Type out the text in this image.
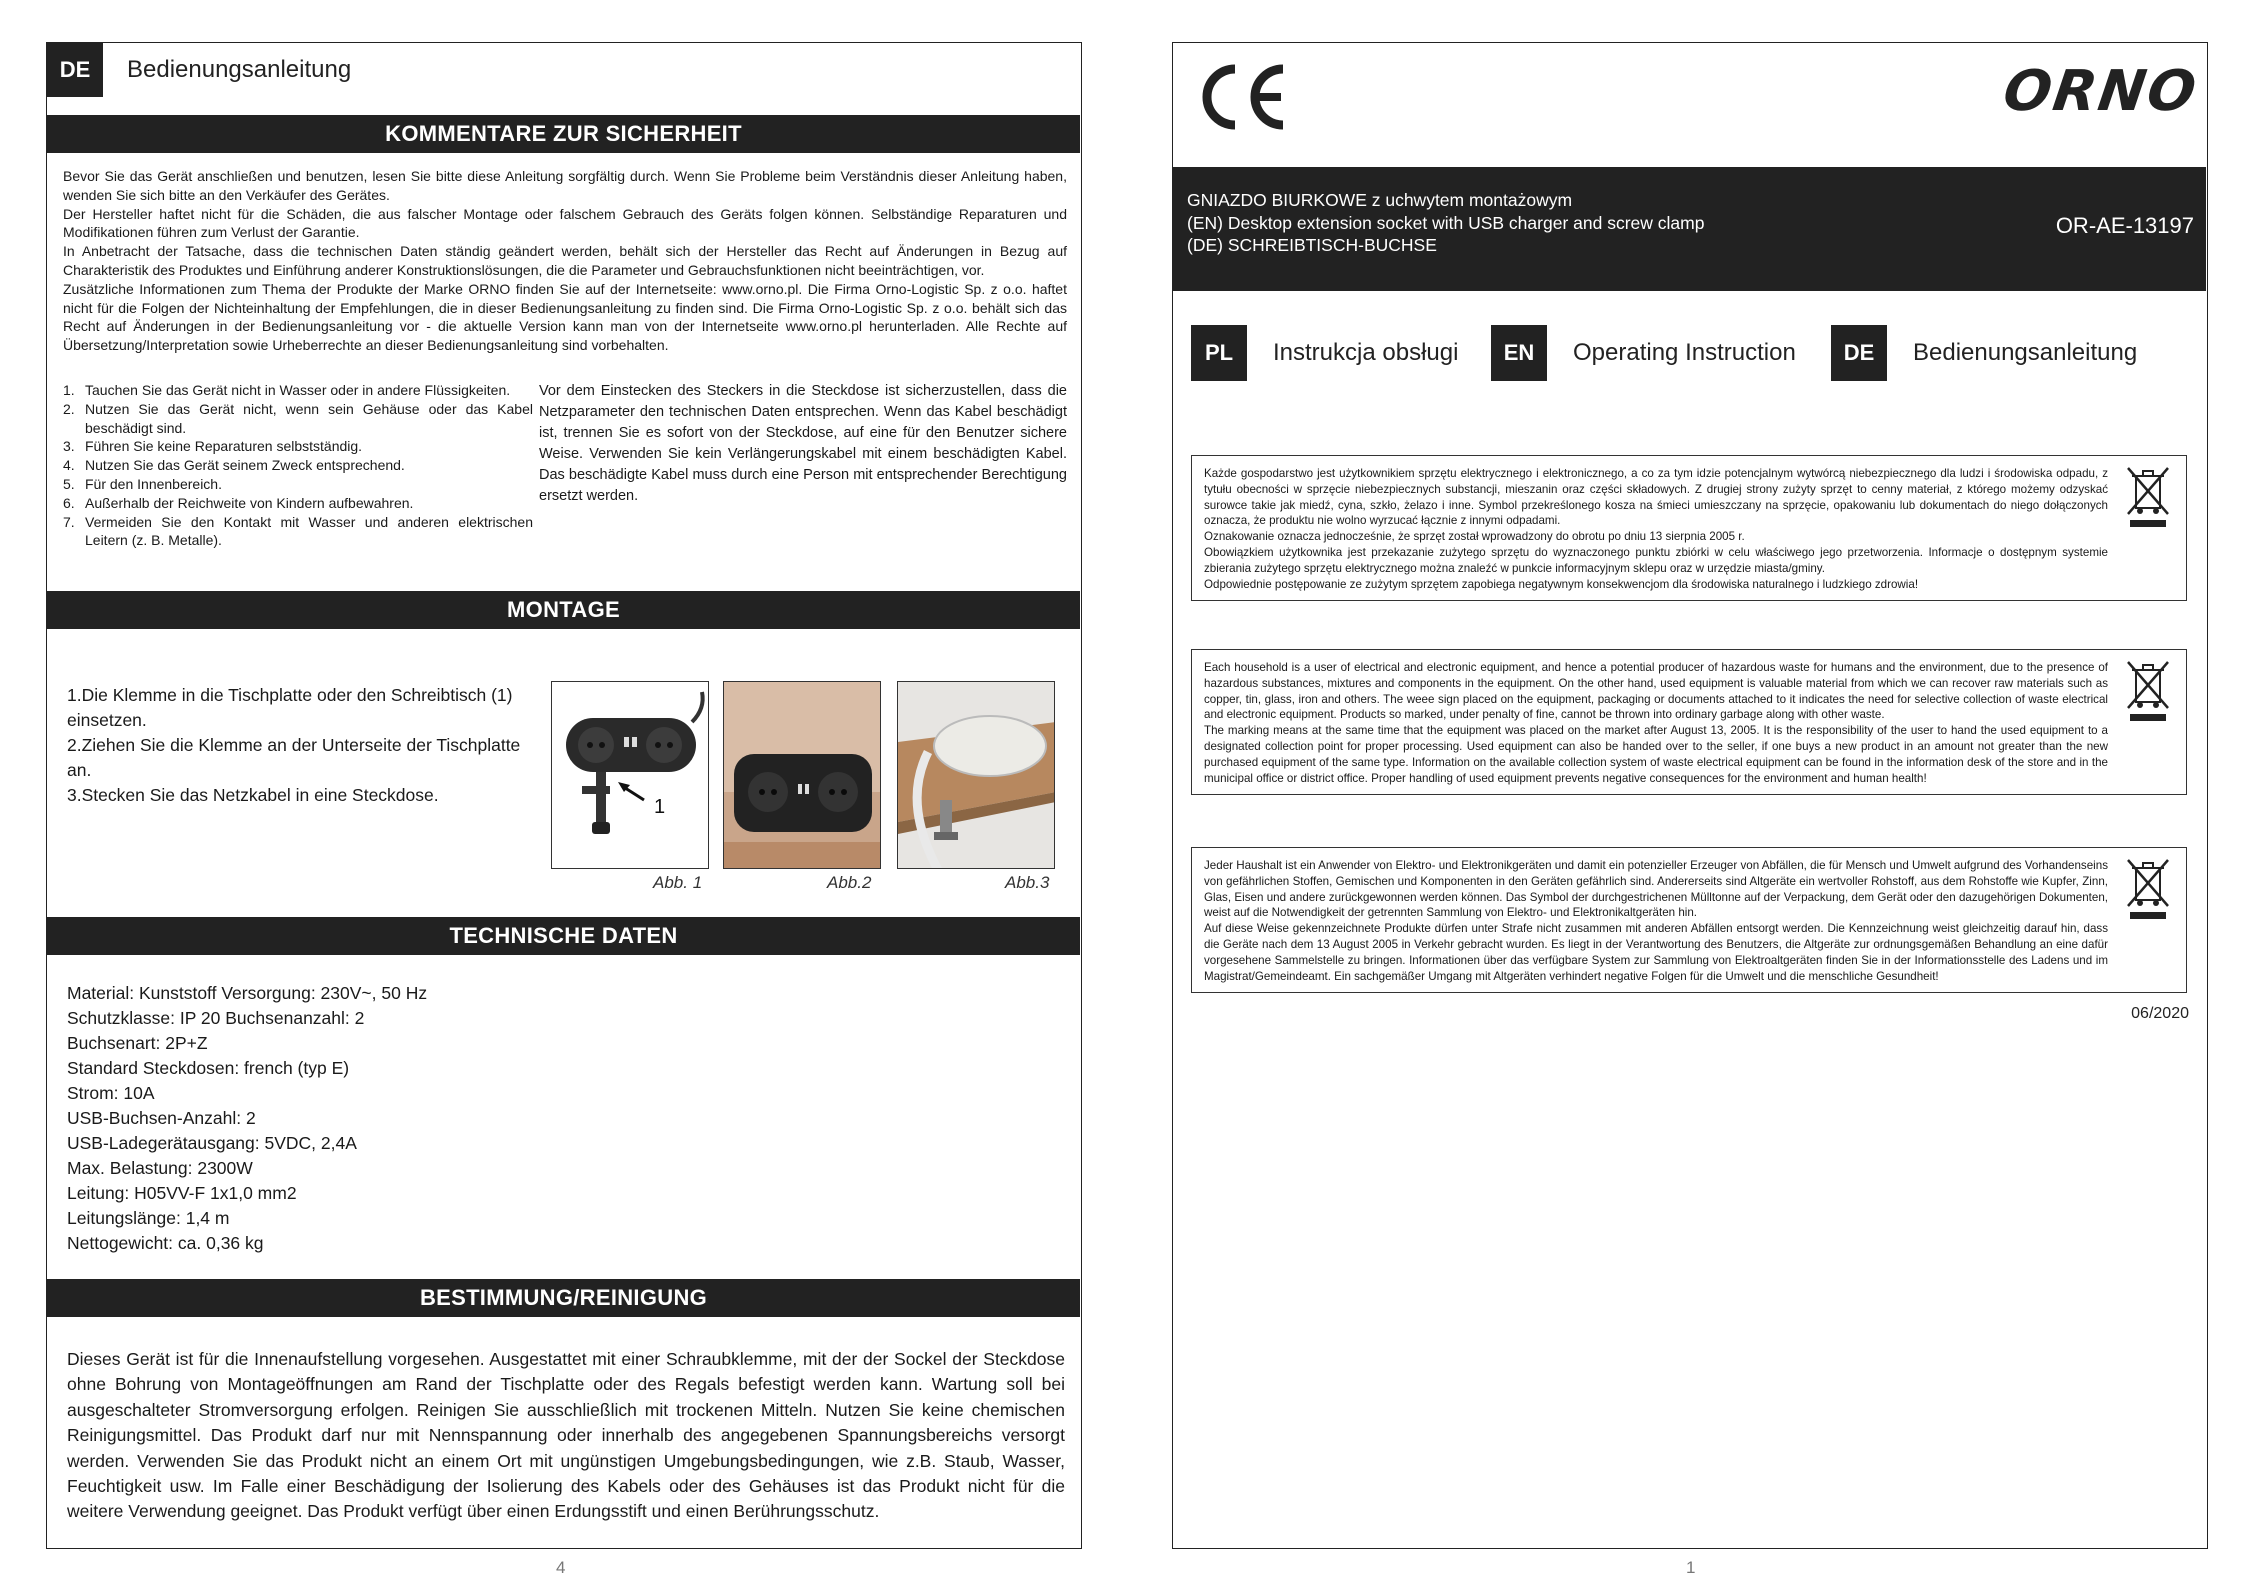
DE	Bedienungsanleitung
KOMMENTARE ZUR SICHERHEIT

Bevor Sie das Gerät anschließen und benutzen, lesen Sie bitte diese Anleitung sorgfältig durch. Wenn Sie Probleme beim Verständnis dieser Anleitung haben, wenden Sie sich bitte an den Verkäufer des Gerätes.

Der Hersteller haftet nicht für die Schäden, die aus falscher Montage oder falschem Gebrauch des Geräts folgen können. Selbständige Reparaturen und Modifikationen führen zum Verlust der Garantie.

In Anbetracht der Tatsache, dass die technischen Daten ständig geändert werden, behält sich der Hersteller das Recht auf Änderungen in Bezug auf Charakteristik des Produktes und Einführung anderer Konstruktionslösungen, die die Parameter und Gebrauchsfunktionen nicht beeinträchtigen, vor.

Zusätzliche Informationen zum Thema der Produkte der Marke ORNO finden Sie auf der Internetseite: www.orno.pl. Die Firma Orno-Logistic Sp. z o.o. haftet nicht für die Folgen der Nichteinhaltung der Empfehlungen, die in dieser Bedienungsanleitung zu finden sind. Die Firma Orno-Logistic Sp. z o.o. behält sich das Recht auf Änderungen in der Bedienungsanleitung vor - die aktuelle Version kann man von der Internetseite www.orno.pl herunterladen. Alle Rechte auf Übersetzung/Interpretation sowie Urheberrechte an dieser Bedienungsanleitung sind vorbehalten.

1. Tauchen Sie das Gerät nicht in Wasser oder in andere Flüssigkeiten.
2. Nutzen Sie das Gerät nicht, wenn sein Gehäuse oder das Kabel beschädigt sind.
3. Führen Sie keine Reparaturen selbstständig.
4. Nutzen Sie das Gerät seinem Zweck entsprechend.
5. Für den Innenbereich.
6. Außerhalb der Reichweite von Kindern aufbewahren.
7. Vermeiden Sie den Kontakt mit Wasser und anderen elektrischen Leitern (z. B. Metalle).

Vor dem Einstecken des Steckers in die Steckdose ist sicherzustellen, dass die Netzparameter den technischen Daten entsprechen. Wenn das Kabel beschädigt ist, trennen Sie es sofort von der Steckdose, auf eine für den Benutzer sichere Weise. Verwenden Sie kein Verlängerungskabel mit einem beschädigten Kabel. Das beschädigte Kabel muss durch eine Person mit entsprechender Berechtigung ersetzt werden.

MONTAGE

1.Die Klemme in die Tischplatte oder den Schreibtisch (1) einsetzen.

2.Ziehen Sie die Klemme an der Unterseite der Tischplatte an.

3.Stecken Sie das Netzkabel in eine Steckdose.

1
Abb. 1	Abb.2	Abb.3
TECHNISCHE DATEN
Material: Kunststoff Versorgung: 230V~, 50 Hz
Schutzklasse: IP 20 Buchsenanzahl: 2
Buchsenart: 2P+Z
Standard Steckdosen: french (typ E)
Strom: 10A
USB-Buchsen-Anzahl: 2
USB-Ladegerätausgang: 5VDC, 2,4A
Max. Belastung: 2300W
Leitung: H05VV-F 1x1,0 mm2
Leitungslänge: 1,4 m
Nettogewicht: ca. 0,36 kg
BESTIMMUNG/REINIGUNG

Dieses Gerät ist für die Innenaufstellung vorgesehen. Ausgestattet mit einer Schraubklemme, mit der der Sockel der Steckdose ohne Bohrung von Montageöffnungen am Rand der Tischplatte oder des Regals befestigt werden kann. Wartung soll bei ausgeschalteter Stromversorgung erfolgen. Reinigen Sie ausschließlich mit trockenen Mitteln. Nutzen Sie keine chemischen Reinigungsmittel. Das Produkt darf nur mit Nennspannung oder innerhalb des angegebenen Spannungsbereichs versorgt werden. Verwenden Sie das Produkt nicht an einem Ort mit ungünstigen Umgebungsbedingungen, wie z.B. Staub, Wasser, Feuchtigkeit usw. Im Falle einer Beschädigung der Isolierung des Kabels oder des Gehäuses ist das Produkt nicht für die weitere Verwendung geeignet. Das Produkt verfügt über einen Erdungsstift und einen Berührungsschutz.

4
ORNO
GNIAZDO BIURKOWE z uchwytem montażowym
(EN) Desktop extension socket with USB charger and screw clamp
(DE) SCHREIBTISCH-BUCHSE
OR-AE-13197
PL	Instrukcja obsługi	EN	Operating Instruction	DE	Bedienungsanleitung

Każde gospodarstwo jest użytkownikiem sprzętu elektrycznego i elektronicznego, a co za tym idzie potencjalnym wytwórcą niebezpiecznego dla ludzi i środowiska odpadu, z tytułu obecności w sprzęcie niebezpiecznych substancji, mieszanin oraz części składowych. Z drugiej strony zużyty sprzęt to cenny materiał, z którego możemy odzyskać surowce takie jak miedź, cyna, szkło, żelazo i inne. Symbol przekreślonego kosza na śmieci umieszczany na sprzęcie, opakowaniu lub dokumentach do niego dołączonych oznacza, że produktu nie wolno wyrzucać łącznie z innymi odpadami.

Oznakowanie oznacza jednocześnie, że sprzęt został wprowadzony do obrotu po dniu 13 sierpnia 2005 r.

Obowiązkiem użytkownika jest przekazanie zużytego sprzętu do wyznaczonego punktu zbiórki w celu właściwego jego przetworzenia. Informacje o dostępnym systemie zbierania zużytego sprzętu elektrycznego można znaleźć w punkcie informacyjnym sklepu oraz w urzędzie miasta/gminy.

Odpowiednie postępowanie ze zużytym sprzętem zapobiega negatywnym konsekwencjom dla środowiska naturalnego i ludzkiego zdrowia!

Each household is a user of electrical and electronic equipment, and hence a potential producer of hazardous waste for humans and the environment, due to the presence of hazardous substances, mixtures and components in the equipment. On the other hand, used equipment is valuable material from which we can recover raw materials such as copper, tin, glass, iron and others. The weee sign placed on the equipment, packaging or documents attached to it indicates the need for selective collection of waste electrical and electronic equipment. Products so marked, under penalty of fine, cannot be thrown into ordinary garbage along with other waste.

The marking means at the same time that the equipment was placed on the market after August 13, 2005. It is the responsibility of the user to hand the used equipment to a designated collection point for proper processing. Used equipment can also be handed over to the seller, if one buys a new product in an amount not greater than the new purchased equipment of the same type. Information on the available collection system of waste electrical equipment can be found in the information desk of the store and in the municipal office or district office. Proper handling of used equipment prevents negative consequences for the environment and human health!

Jeder Haushalt ist ein Anwender von Elektro- und Elektronikgeräten und damit ein potenzieller Erzeuger von Abfällen, die für Mensch und Umwelt aufgrund des Vorhandenseins von gefährlichen Stoffen, Gemischen und Komponenten in den Geräten gefährlich sind. Andererseits sind Altgeräte ein wertvoller Rohstoff, aus dem Rohstoffe wie Kupfer, Zinn, Glas, Eisen und andere zurückgewonnen werden können. Das Symbol der durchgestrichenen Mülltonne auf der Verpackung, dem Gerät oder den dazugehörigen Dokumenten, weist auf die Notwendigkeit der getrennten Sammlung von Elektro- und Elektronikaltgeräten hin.

Auf diese Weise gekennzeichnete Produkte dürfen unter Strafe nicht zusammen mit anderen Abfällen entsorgt werden. Die Kennzeichnung weist gleichzeitig darauf hin, dass die Geräte nach dem 13 August 2005 in Verkehr gebracht wurden. Es liegt in der Verantwortung des Benutzers, die Altgeräte zur ordnungsgemäßen Behandlung an eine dafür vorgesehene Sammelstelle zu bringen. Informationen über das verfügbare System zur Sammlung von Elektroaltgeräten finden Sie in der Informationsstelle des Ladens und im Magistrat/Gemeindeamt. Ein sachgemäßer Umgang mit Altgeräten verhindert negative Folgen für die Umwelt und die menschliche Gesundheit!

06/2020
1
